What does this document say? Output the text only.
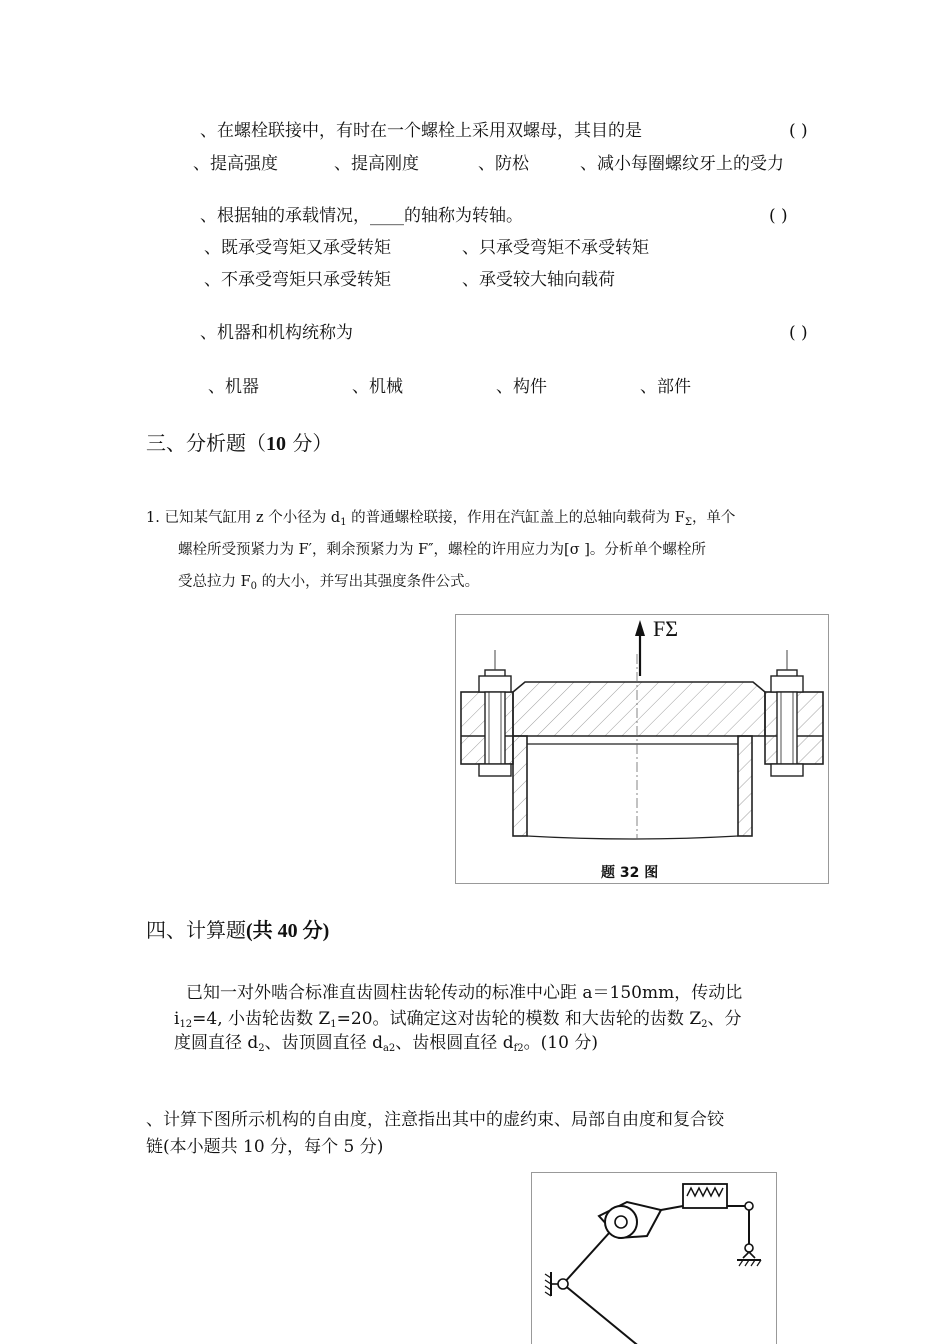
、在螺栓联接中，有时在一个螺栓上采用双螺母，其目的是	( )
、提高强度	、提高刚度	、防松	、减小每圈螺纹牙上的受力
、根据轴的承载情况，____的轴称为转轴。	( )
、既承受弯矩又承受转矩	、只承受弯矩不承受转矩
、不承受弯矩只承受转矩	、承受较大轴向载荷
、机器和机构统称为	( )
、机器	、机械	、构件	、部件
三、分析题（10 分）
1. 已知某气缸用 z 个小径为 $d_1$ 的普通螺栓联接，作用在汽缸盖上的总轴向载荷为 $F_\Sigma$，单个
螺栓所受预紧力为 F′，剩余预紧力为 F″，螺栓的许用应力为[σ ]。分析单个螺栓所
受总拉力 $F_0$ 的大小，并写出其强度条件公式。
FΣ
题 32 图
四、计算题(共 40 分)
已知一对外啮合标准直齿圆柱齿轮传动的标准中心距 a＝150mm，传动比
$i_{12}=4$, 小齿轮齿数 $Z_1=20$。试确定这对齿轮的模数 和大齿轮的齿数 $Z_2$、分
度圆直径 $d_2$、齿顶圆直径 $d_{a2}$、齿根圆直径 $d_{f2}$。(10 分)
、计算下图所示机构的自由度，注意指出其中的虚约束、局部自由度和复合铰
链(本小题共 10 分，每个 5 分)
